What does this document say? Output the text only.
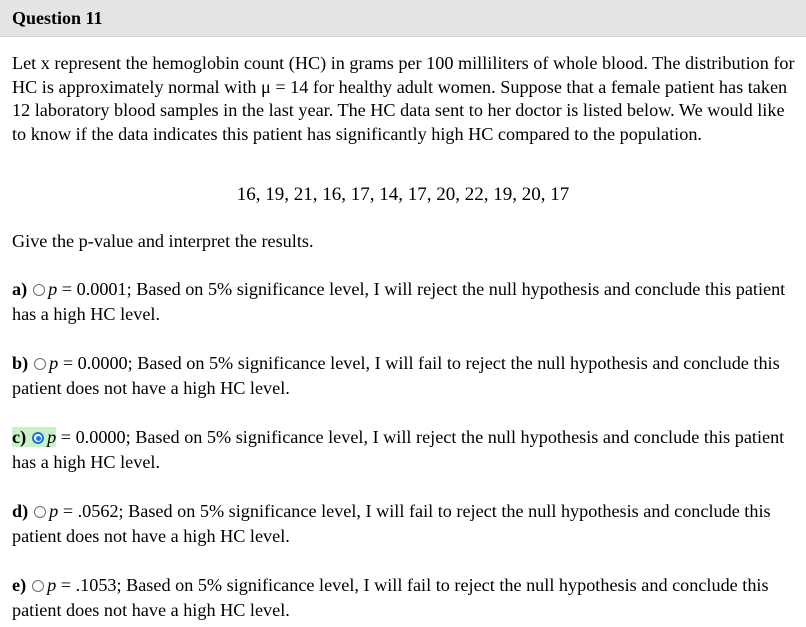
Question 11
Let x represent the hemoglobin count (HC) in grams per 100 milliliters of whole blood. The distribution for HC is approximately normal with μ = 14 for healthy adult women. Suppose that a female patient has taken 12 laboratory blood samples in the last year. The HC data sent to her doctor is listed below. We would like to know if the data indicates this patient has significantly high HC compared to the population.
16, 19, 21, 16, 17, 14, 17, 20, 22, 19, 20, 17
Give the p-value and interpret the results.
a) p = 0.0001; Based on 5% significance level, I will reject the null hypothesis and conclude this patient has a high HC level.
b) p = 0.0000; Based on 5% significance level, I will fail to reject the null hypothesis and conclude this patient does not have a high HC level.
c) p = 0.0000; Based on 5% significance level, I will reject the null hypothesis and conclude this patient has a high HC level.
d) p = .0562; Based on 5% significance level, I will fail to reject the null hypothesis and conclude this patient does not have a high HC level.
e) p = .1053; Based on 5% significance level, I will fail to reject the null hypothesis and conclude this patient does not have a high HC level.
